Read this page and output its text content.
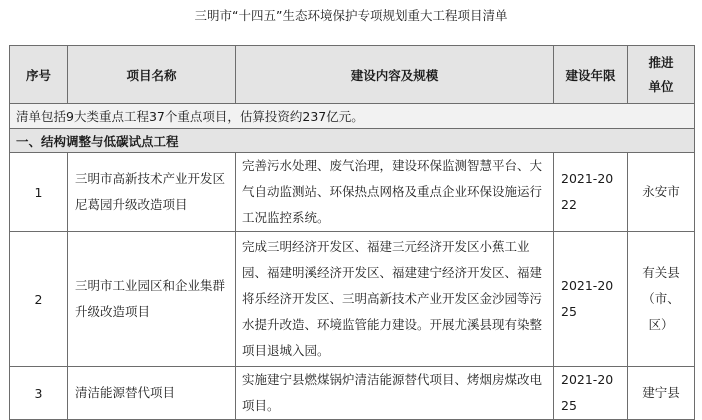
三明市“十四五”生态环境保护专项规划重大工程项目清单
序号	项目名称	建设内容及规模	建设年限	推进
单位

清单包括9大类重点工程37个重点项目，估算投资约237亿元。				
一、结构调整与低碳试点工程				
1	三明市高新技术产业开发区尼葛园升级改造项目	完善污水处理、废气治理，建设环保监测智慧平台、大气自动监测站、环保热点网格及重点企业环保设施运行工况监控系统。	2021-2022	永安市
2	三明市工业园区和企业集群升级改造项目	完成三明经济开发区、福建三元经济开发区小蕉工业园、福建明溪经济开发区、福建建宁经济开发区、福建将乐经济开发区、三明高新技术产业开发区金沙园等污水提升改造、环境监管能力建设。开展尤溪县现有染整项目退城入园。	2021-2025	有关县（市、区）
3	清洁能源替代项目	实施建宁县燃煤锅炉清洁能源替代项目、烤烟房煤改电项目。	2021-2025	建宁县
